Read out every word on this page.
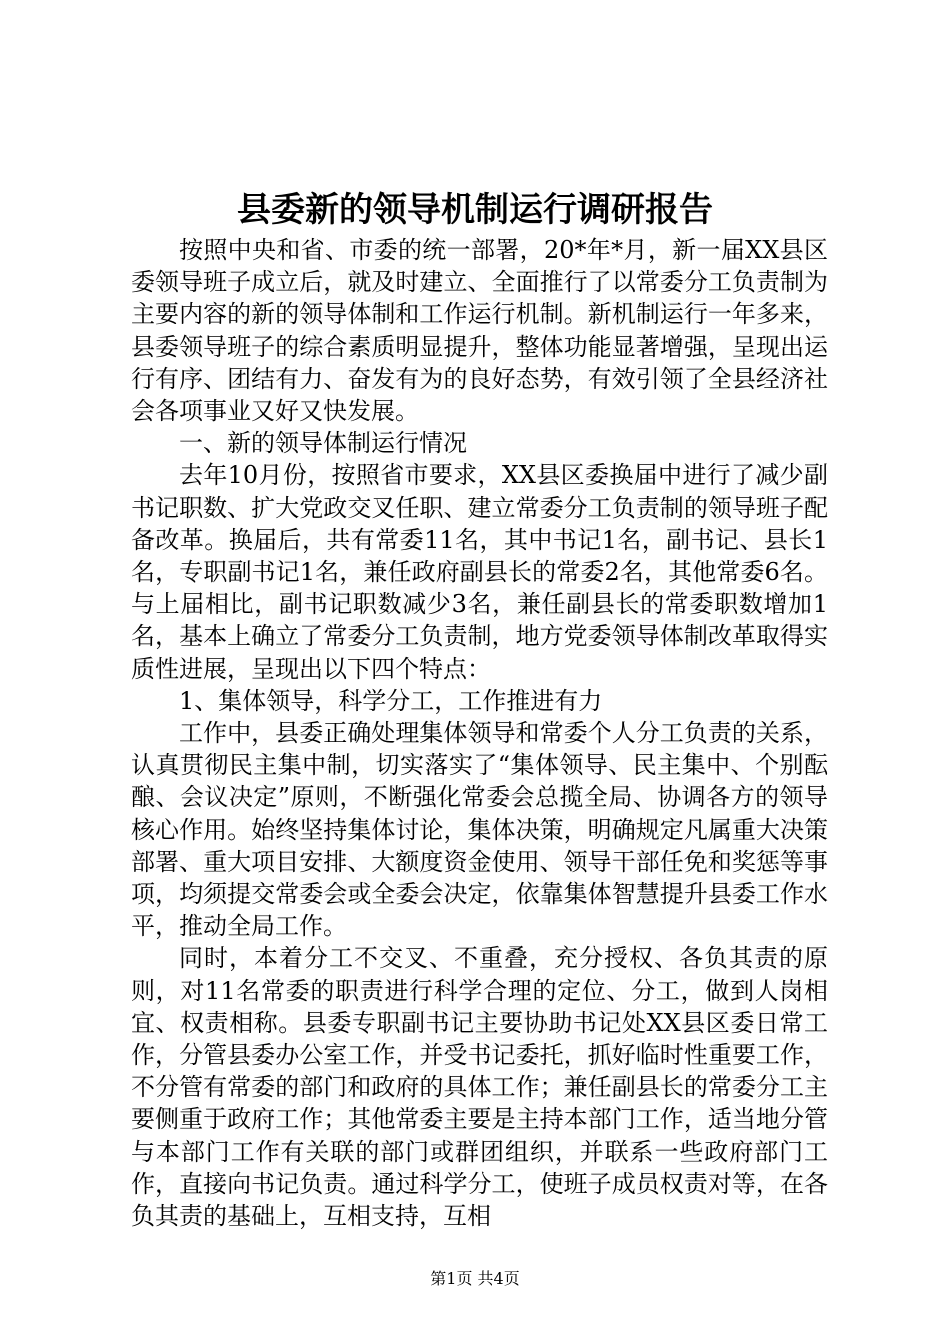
县委新的领导机制运行调研报告

按照中央和省、市委的统一部署，20*年*月，新一届XX县区委领导班子成立后，就及时建立、全面推行了以常委分工负责制为主要内容的新的领导体制和工作运行机制。新机制运行一年多来，县委领导班子的综合素质明显提升，整体功能显著增强，呈现出运行有序、团结有力、奋发有为的良好态势，有效引领了全县经济社会各项事业又好又快发展。

一、新的领导体制运行情况

去年10月份，按照省市要求，XX县区委换届中进行了减少副书记职数、扩大党政交叉任职、建立常委分工负责制的领导班子配备改革。换届后，共有常委11名，其中书记1名，副书记、县长1名，专职副书记1名，兼任政府副县长的常委2名，其他常委6名。与上届相比，副书记职数减少3名，兼任副县长的常委职数增加1名，基本上确立了常委分工负责制，地方党委领导体制改革取得实质性进展，呈现出以下四个特点：

1、集体领导，科学分工，工作推进有力

工作中，县委正确处理集体领导和常委个人分工负责的关系，认真贯彻民主集中制，切实落实了“集体领导、民主集中、个别酝酿、会议决定”原则，不断强化常委会总揽全局、协调各方的领导核心作用。始终坚持集体讨论，集体决策，明确规定凡属重大决策部署、重大项目安排、大额度资金使用、领导干部任免和奖惩等事项，均须提交常委会或全委会决定，依靠集体智慧提升县委工作水平，推动全局工作。

同时，本着分工不交叉、不重叠，充分授权、各负其责的原则，对11名常委的职责进行科学合理的定位、分工，做到人岗相宜、权责相称。县委专职副书记主要协助书记处XX县区委日常工作，分管县委办公室工作，并受书记委托，抓好临时性重要工作，不分管有常委的部门和政府的具体工作；兼任副县长的常委分工主要侧重于政府工作；其他常委主要是主持本部门工作，适当地分管与本部门工作有关联的部门或群团组织，并联系一些政府部门工作，直接向书记负责。通过科学分工，使班子成员权责对等，在各负其责的基础上，互相支持，互相

第1页 共4页
